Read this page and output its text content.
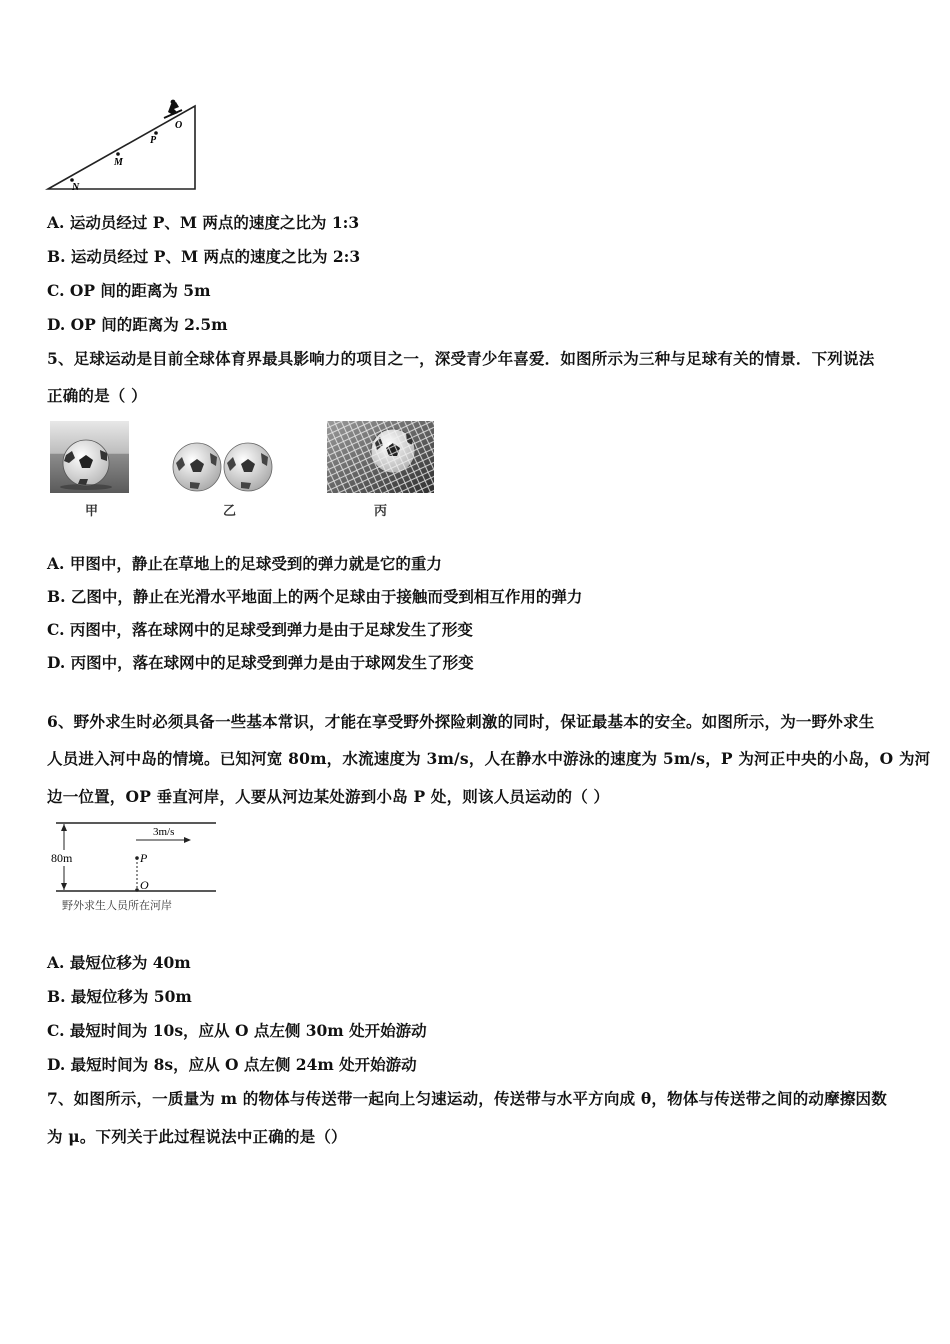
O
P
M
N
A. 运动员经过 P、M 两点的速度之比为 1:3
B. 运动员经过 P、M 两点的速度之比为 2:3
C. OP 间的距离为 5m
D. OP 间的距离为 2.5m
5、足球运动是目前全球体育界最具影响力的项目之一，深受青少年喜爱．如图所示为三种与足球有关的情景．下列说法
正确的是（ ）
甲	乙	丙
A. 甲图中，静止在草地上的足球受到的弹力就是它的重力
B. 乙图中，静止在光滑水平地面上的两个足球由于接触而受到相互作用的弹力
C. 丙图中，落在球网中的足球受到弹力是由于足球发生了形变
D. 丙图中，落在球网中的足球受到弹力是由于球网发生了形变
6、野外求生时必须具备一些基本常识，才能在享受野外探险刺激的同时，保证最基本的安全。如图所示，为一野外求生
人员进入河中岛的情境。已知河宽 80m，水流速度为 3m/s，人在静水中游泳的速度为 5m/s，P 为河正中央的小岛，O 为河
边一位置，OP 垂直河岸，人要从河边某处游到小岛 P 处，则该人员运动的（ ）
80m
3m/s
P
O
野外求生人员所在河岸
A. 最短位移为 40m
B. 最短位移为 50m
C. 最短时间为 10s，应从 O 点左侧 30m 处开始游动
D. 最短时间为 8s，应从 O 点左侧 24m 处开始游动
7、如图所示，一质量为 m 的物体与传送带一起向上匀速运动，传送带与水平方向成 θ，物体与传送带之间的动摩擦因数
为 μ。下列关于此过程说法中正确的是（）
